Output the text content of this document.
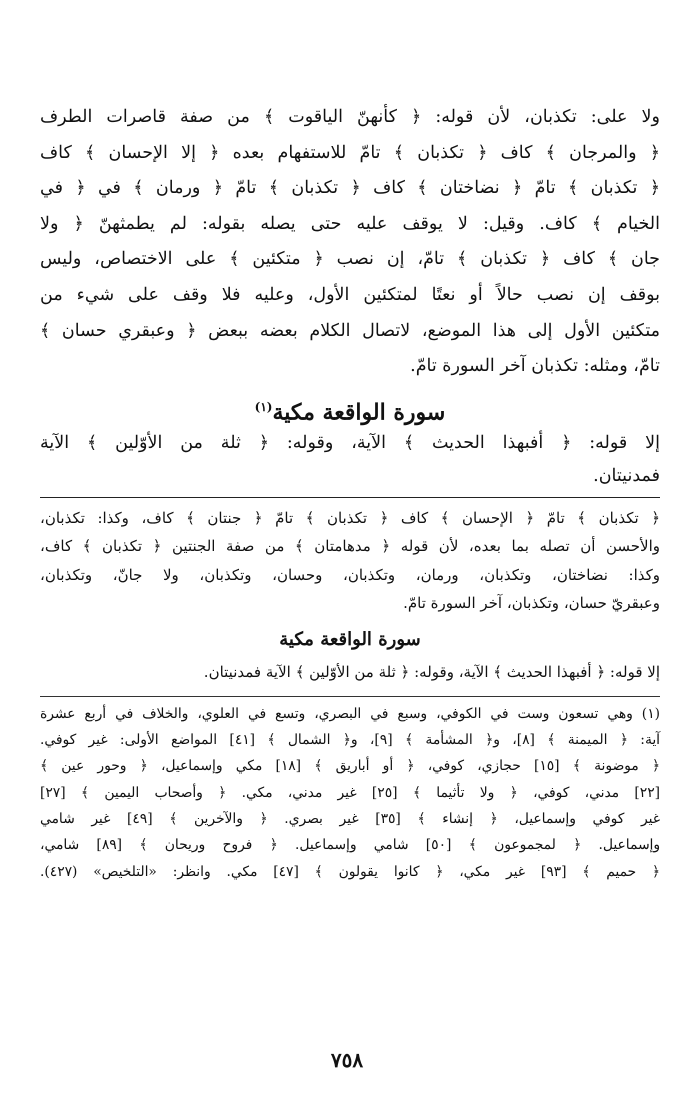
ولا على: تكذبان، لأن قوله: ﴿ كأنهنّ الياقوت ﴾ من صفة قاصرات الطرف
﴿ والمرجان ﴾ كاف ﴿ تكذبان ﴾ تامّ للاستفهام بعده ﴿ إلا الإحسان ﴾ كاف
﴿ تكذبان ﴾ تامّ ﴿ نضاختان ﴾ كاف ﴿ تكذبان ﴾ تامّ ﴿ ورمان ﴾ في ﴿ في
الخيام ﴾ كاف. وقيل: لا يوقف عليه حتى يصله بقوله: لم يطمثهنّ ﴿ ولا
جان ﴾ كاف ﴿ تكذبان ﴾ تامّ، إن نصب ﴿ متكئين ﴾ على الاختصاص، وليس
بوقف إن نصب حالاً أو نعتًا لمتكئين الأول، وعليه فلا وقف على شيء من
متكئين الأول إلى هذا الموضع، لاتصال الكلام بعضه ببعض ﴿ وعبقري حسان ﴾
تامّ، ومثله: تكذبان آخر السورة تامّ.
سورة الواقعة مكية$^{(١)}$
إلا قوله: ﴿ أفبهذا الحديث ﴾ الآية، وقوله: ﴿ ثلة من الأوّلين ﴾ الآية
فمدنيتان.
﴿ تكذبان ﴾ تامّ ﴿ الإحسان ﴾ كاف ﴿ تكذبان ﴾ تامّ ﴿ جنتان ﴾ كاف، وكذا: تكذبان،
والأحسن أن تصله بما بعده، لأن قوله ﴿ مدهامتان ﴾ من صفة الجنتين ﴿ تكذبان ﴾ كاف،
وكذا: نضاختان، وتكذبان، ورمان، وتكذبان، وحسان، وتكذبان، ولا جانّ، وتكذبان،
وعبقريّ حسان، وتكذبان، آخر السورة تامّ.
سورة الواقعة مكية
إلا قوله: ﴿ أفبهذا الحديث ﴾ الآية، وقوله: ﴿ ثلة من الأوّلين ﴾ الآية فمدنيتان.
(١) وهي تسعون وست في الكوفي، وسبع في البصري، وتسع في العلوي، والخلاف في أربع عشرة
آية: ﴿ الميمنة ﴾ [٨]، و﴿ المشأمة ﴾ [٩]، و﴿ الشمال ﴾ [٤١] المواضع الأولى: غير كوفي.
﴿ موضونة ﴾ [١٥] حجازي، كوفي، ﴿ أو أباريق ﴾ [١٨] مكي وإسماعيل، ﴿ وحور عين ﴾
[٢٢] مدني، كوفي، ﴿ ولا تأثيما ﴾ [٢٥] غير مدني، مكي. ﴿ وأصحاب اليمين ﴾ [٢٧]
غير كوفي وإسماعيل، ﴿ إنشاء ﴾ [٣٥] غير بصري. ﴿ والآخرين ﴾ [٤٩] غير شامي
وإسماعيل. ﴿ لمجموعون ﴾ [٥٠] شامي وإسماعيل. ﴿ فروح وريحان ﴾ [٨٩] شامي،
﴿ حميم ﴾ [٩٣] غير مكي، ﴿ كانوا يقولون ﴾ [٤٧] مكي. وانظر: «التلخيص» (٤٢٧).
٧٥٨
